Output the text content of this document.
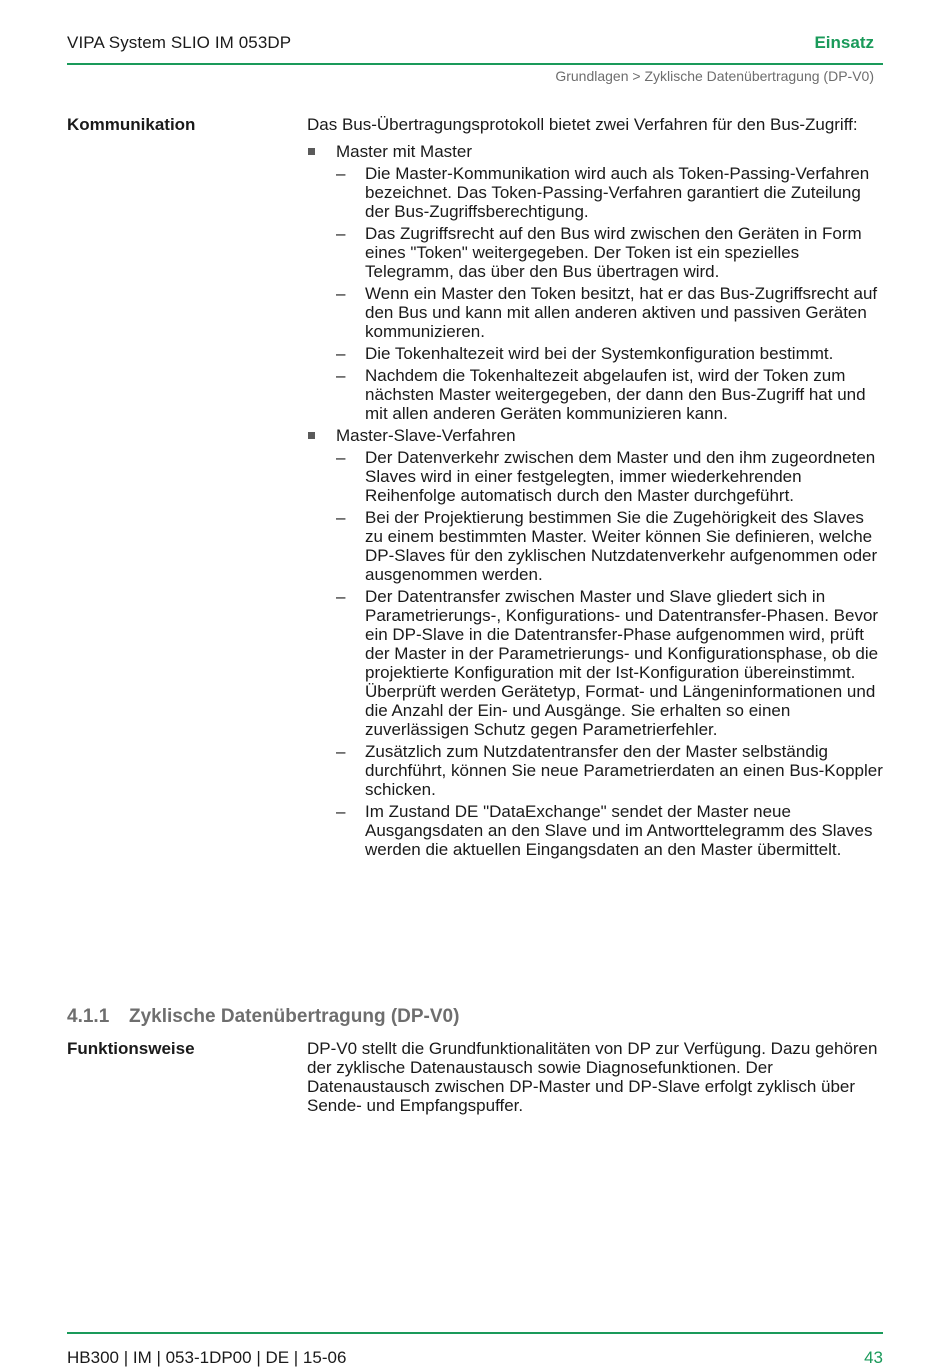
VIPA System SLIO IM 053DP	Einsatz
Grundlagen > Zyklische Datenübertragung (DP-V0)
Kommunikation	Das Bus-Übertragungsprotokoll bietet zwei Verfahren für den Bus-Zugriff:

Master mit Master
– Die Master-Kommunikation wird auch als Token-Passing-Verfahren bezeichnet. Das Token-Passing-Verfahren garantiert die Zuteilung der Bus-Zugriffsberechtigung.
– Das Zugriffsrecht auf den Bus wird zwischen den Geräten in Form eines "Token" weitergegeben. Der Token ist ein spezielles Telegramm, das über den Bus übertragen wird.
– Wenn ein Master den Token besitzt, hat er das Bus-Zugriffsrecht auf den Bus und kann mit allen anderen aktiven und passiven Geräten kommunizieren.
– Die Tokenhaltezeit wird bei der Systemkonfiguration bestimmt.
– Nachdem die Tokenhaltezeit abgelaufen ist, wird der Token zum nächsten Master weitergegeben, der dann den Bus-Zugriff hat und mit allen anderen Geräten kommunizieren kann.
Master-Slave-Verfahren
– Der Datenverkehr zwischen dem Master und den ihm zugeordneten Slaves wird in einer festgelegten, immer wiederkehrenden Reihenfolge automatisch durch den Master durchgeführt.
– Bei der Projektierung bestimmen Sie die Zugehörigkeit des Slaves zu einem bestimmten Master. Weiter können Sie definieren, welche DP-Slaves für den zyklischen Nutzdatenverkehr aufgenommen oder ausgenommen werden.
– Der Datentransfer zwischen Master und Slave gliedert sich in Parametrierungs-, Konfigurations- und Datentransfer-Phasen. Bevor ein DP-Slave in die Datentransfer-Phase aufgenommen wird, prüft der Master in der Parametrierungs- und Konfigurationsphase, ob die projektierte Konfiguration mit der Ist-Konfiguration übereinstimmt. Überprüft werden Gerätetyp, Format- und Längeninformationen und die Anzahl der Ein- und Ausgänge. Sie erhalten so einen zuverlässigen Schutz gegen Parametrierfehler.
– Zusätzlich zum Nutzdatentransfer den der Master selbständig durchführt, können Sie neue Parametrierdaten an einen Bus-Koppler schicken.
– Im Zustand DE "DataExchange" sendet der Master neue Ausgangsdaten an den Slave und im Antworttelegramm des Slaves werden die aktuellen Eingangsdaten an den Master übermittelt.
4.1.1 Zyklische Datenübertragung (DP-V0)
Funktionsweise	DP-V0 stellt die Grundfunktionalitäten von DP zur Verfügung. Dazu gehören der zyklische Datenaustausch sowie Diagnosefunktionen. Der Datenaustausch zwischen DP-Master und DP-Slave erfolgt zyklisch über Sende- und Empfangspuffer.

HB300 | IM | 053-1DP00 | DE | 15-06	43
